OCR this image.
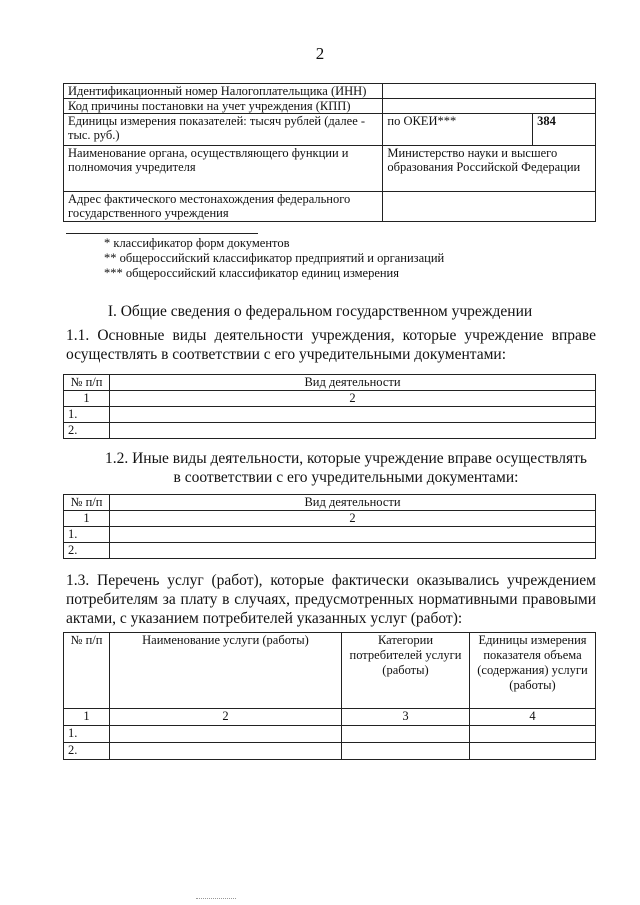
2
Идентификационный номер Налогоплательщика (ИНН)		
Код причины постановки на учет учреждения (КПП)		
Единицы измерения показателей: тысяч рублей (далее - тыс. руб.)	по ОКЕИ***	384
Наименование органа, осуществляющего функции и полномочия учредителя	Министерство науки и высшего образования Российской Федерации	
Адрес фактического местонахождения федерального государственного учреждения		
* классификатор форм документов
** общероссийский классификатор предприятий и организаций
*** общероссийский классификатор единиц измерения
I. Общие сведения о федеральном государственном учреждении
1.1. Основные виды деятельности учреждения, которые учреждение вправе осуществлять в соответствии с его учредительными документами:
№ п/п	Вид деятельности
1	2
1.	
2.	
1.2. Иные виды деятельности, которые учреждение вправе осуществлять
в соответствии с его учредительными документами:
№ п/п	Вид деятельности
1	2
1.	
2.	
1.3. Перечень услуг (работ), которые фактически оказывались учреждением потребителям за плату в случаях, предусмотренных нормативными правовыми актами, с указанием потребителей указанных услуг (работ):
№ п/п	Наименование услуги (работы)	Категории потребителей услуги (работы)	Единицы измерения показателя объема (содержания) услуги (работы)
1	2	3	4
1.			
2.			
